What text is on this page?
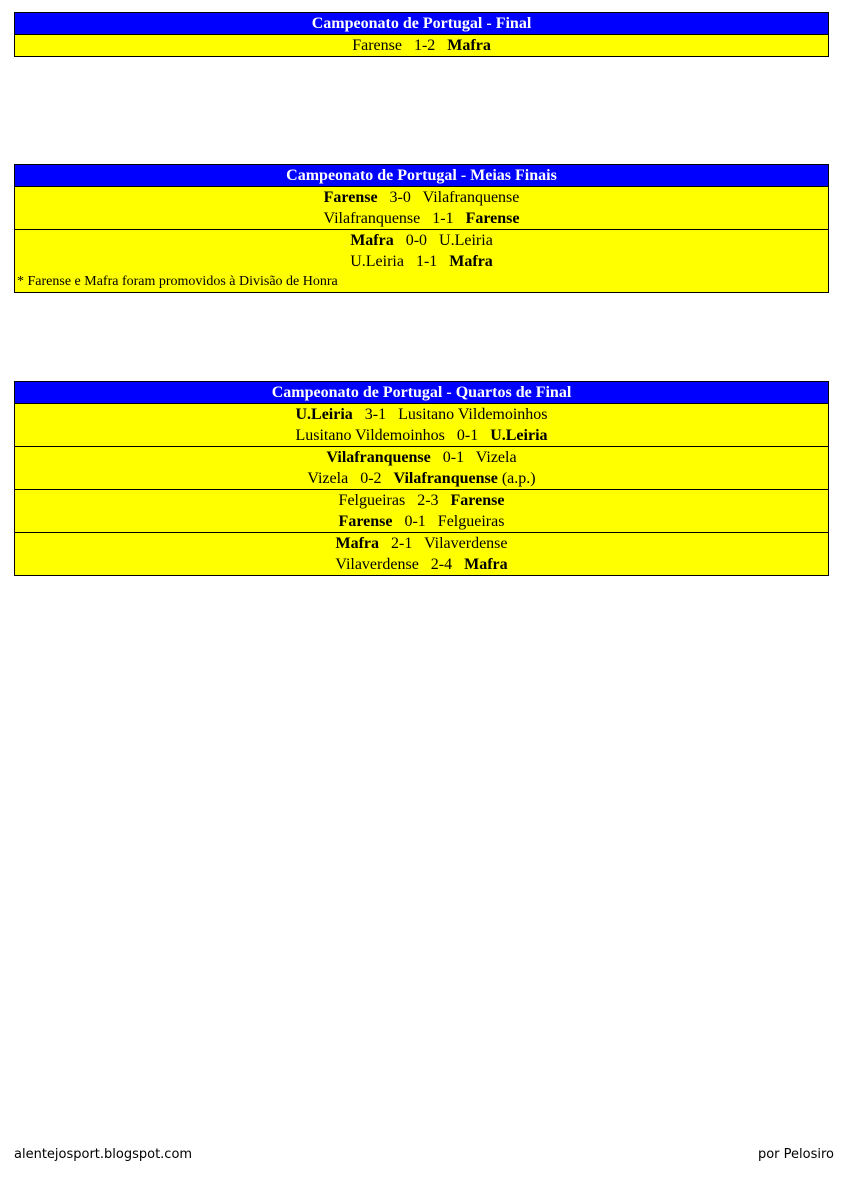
Campeonato de Portugal - Final
Farense   1-2   Mafra
Campeonato de Portugal - Meias Finais
Farense   3-0   Vilafranquense
Vilafranquense   1-1   Farense
Mafra   0-0   U.Leiria
U.Leiria   1-1   Mafra
* Farense e Mafra foram promovidos à Divisão de Honra
Campeonato de Portugal - Quartos de Final
U.Leiria   3-1   Lusitano Vildemoinhos
Lusitano Vildemoinhos   0-1   U.Leiria
Vilafranquense   0-1   Vizela
Vizela   0-2   Vilafranquense (a.p.)
Felgueiras   2-3   Farense
Farense   0-1   Felgueiras
Mafra   2-1   Vilaverdense
Vilaverdense   2-4   Mafra
alentejosport.blogspot.com	por Pelosiro
